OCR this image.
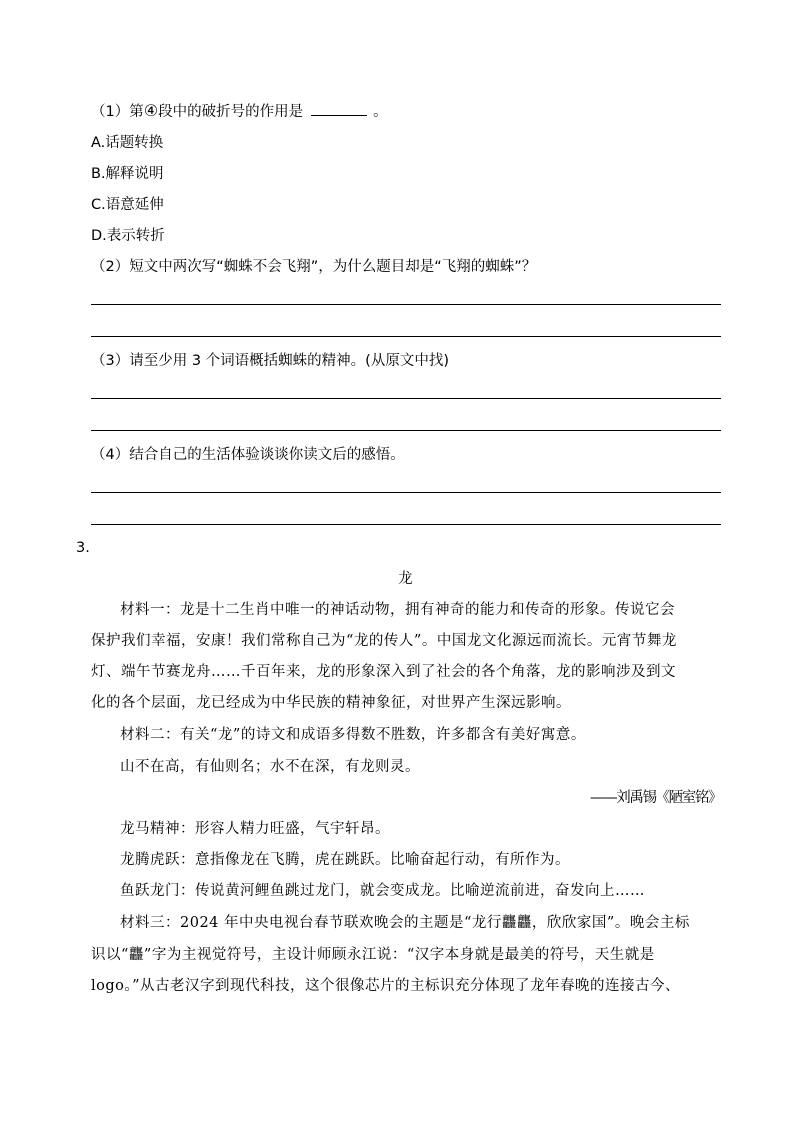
（1）第④段中的破折号的作用是	。
A.话题转换
B.解释说明
C.语意延伸
D.表示转折
（2）短文中两次写“蜘蛛不会飞翔”，为什么题目却是“飞翔的蜘蛛”？
（3）请至少用 3 个词语概括蜘蛛的精神。(从原文中找)
（4）结合自己的生活体验谈谈你读文后的感悟。
3.
龙
材料一：龙是十二生肖中唯一的神话动物，拥有神奇的能力和传奇的形象。传说它会
保护我们幸福，安康！我们常称自己为“龙的传人”。中国龙文化源远而流长。元宵节舞龙
灯、端午节赛龙舟……千百年来，龙的形象深入到了社会的各个角落，龙的影响涉及到文
化的各个层面，龙已经成为中华民族的精神象征，对世界产生深远影响。
材料二：有关“龙”的诗文和成语多得数不胜数，许多都含有美好寓意。
山不在高，有仙则名；水不在深，有龙则灵。
——刘禹锡《陋室铭》
龙马精神：形容人精力旺盛，气宇轩昂。
龙腾虎跃：意指像龙在飞腾，虎在跳跃。比喻奋起行动，有所作为。
鱼跃龙门：传说黄河鲤鱼跳过龙门，就会变成龙。比喻逆流前进，奋发向上……
材料三：2024 年中央电视台春节联欢晚会的主题是“龙行龘龘，欣欣家国”。晚会主标
识以“龘”字为主视觉符号，主设计师顾永江说：“汉字本身就是最美的符号，天生就是
logo。”从古老汉字到现代科技，这个很像芯片的主标识充分体现了龙年春晚的连接古今、
